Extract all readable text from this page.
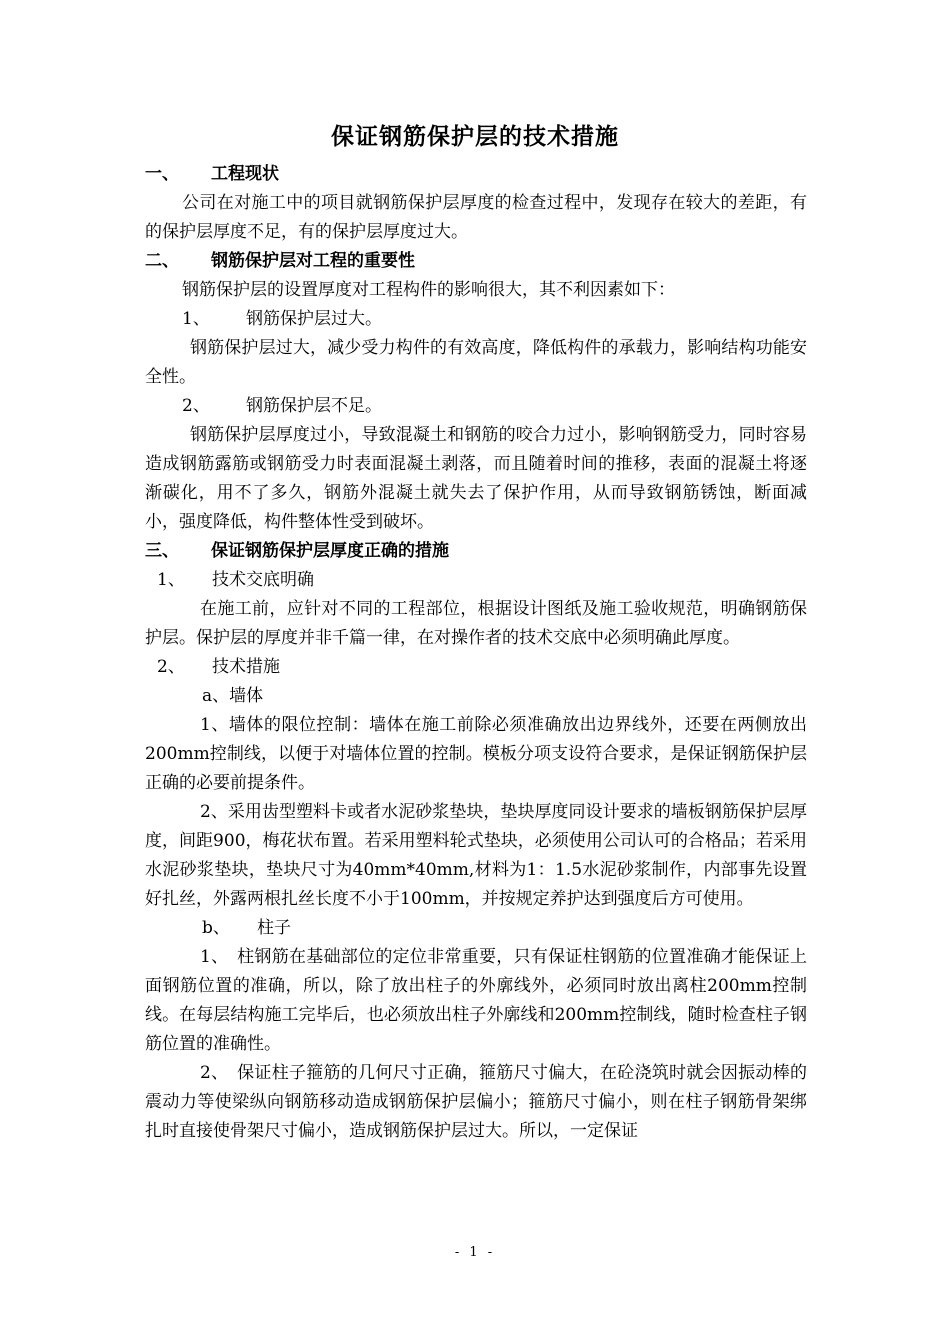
保证钢筋保护层的技术措施

一、 工程现状

公司在对施工中的项目就钢筋保护层厚度的检查过程中，发现存在较大的差距，有的保护层厚度不足，有的保护层厚度过大。

二、 钢筋保护层对工程的重要性

钢筋保护层的设置厚度对工程构件的影响很大，其不利因素如下：

1、 钢筋保护层过大。

钢筋保护层过大，减少受力构件的有效高度，降低构件的承载力，影响结构功能安全性。

2、 钢筋保护层不足。

钢筋保护层厚度过小，导致混凝土和钢筋的咬合力过小，影响钢筋受力，同时容易造成钢筋露筋或钢筋受力时表面混凝土剥落，而且随着时间的推移，表面的混凝土将逐渐碳化，用不了多久，钢筋外混凝土就失去了保护作用，从而导致钢筋锈蚀，断面减小，强度降低，构件整体性受到破坏。

三、 保证钢筋保护层厚度正确的措施

1、 技术交底明确

在施工前，应针对不同的工程部位，根据设计图纸及施工验收规范，明确钢筋保护层。保护层的厚度并非千篇一律，在对操作者的技术交底中必须明确此厚度。

2、 技术措施

a、墙体

1、墙体的限位控制：墙体在施工前除必须准确放出边界线外，还要在两侧放出200mm控制线，以便于对墙体位置的控制。模板分项支设符合要求，是保证钢筋保护层正确的必要前提条件。

2、采用齿型塑料卡或者水泥砂浆垫块，垫块厚度同设计要求的墙板钢筋保护层厚度，间距900，梅花状布置。若采用塑料轮式垫块，必须使用公司认可的合格品；若采用水泥砂浆垫块，垫块尺寸为40mm*40mm,材料为1：1.5水泥砂浆制作，内部事先设置好扎丝，外露两根扎丝长度不小于100mm，并按规定养护达到强度后方可使用。

b、 柱子

1、　柱钢筋在基础部位的定位非常重要，只有保证柱钢筋的位置准确才能保证上面钢筋位置的准确，所以，除了放出柱子的外廓线外，必须同时放出离柱200mm控制线。在每层结构施工完毕后，也必须放出柱子外廓线和200mm控制线，随时检查柱子钢筋位置的准确性。

2、　保证柱子箍筋的几何尺寸正确，箍筋尺寸偏大，在砼浇筑时就会因振动棒的震动力等使梁纵向钢筋移动造成钢筋保护层偏小；箍筋尺寸偏小，则在柱子钢筋骨架绑扎时直接使骨架尺寸偏小，造成钢筋保护层过大。所以，一定保证

- 1 -
